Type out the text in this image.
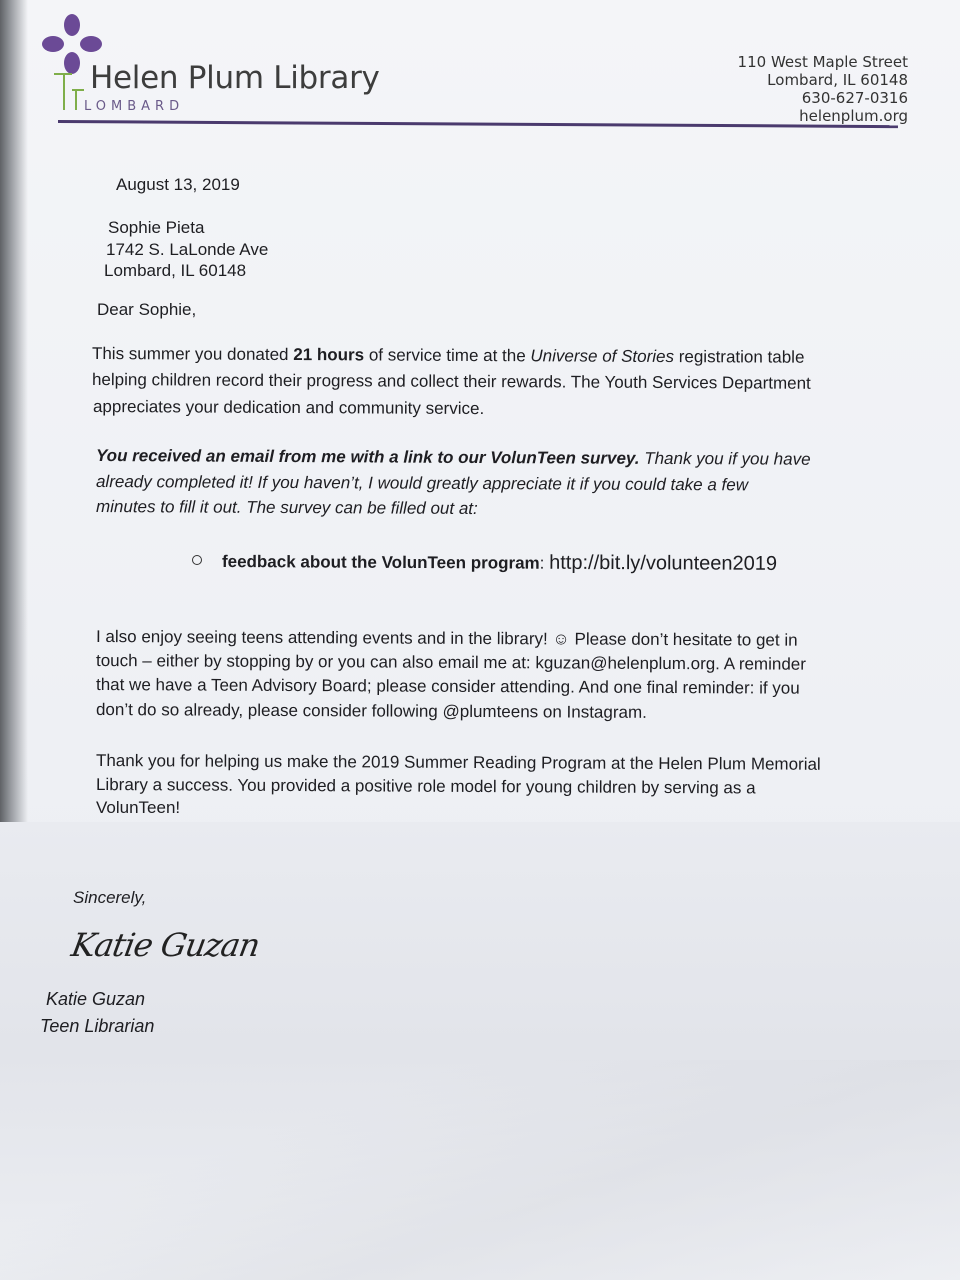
Helen Plum Library
LOMBARD
110 West Maple Street
Lombard, IL 60148
630-627-0316
helenplum.org
August 13, 2019
Sophie Pieta
1742 S. LaLonde Ave
Lombard, IL 60148
Dear Sophie,
This summer you donated 21 hours of service time at the Universe of Stories registration table
helping children record their progress and collect their rewards. The Youth Services Department
appreciates your dedication and community service.
You received an email from me with a link to our VolunTeen survey. Thank you if you have
already completed it! If you haven’t, I would greatly appreciate it if you could take a few
minutes to fill it out. The survey can be filled out at:
feedback about the VolunTeen program: http://bit.ly/volunteen2019
I also enjoy seeing teens attending events and in the library! ☺ Please don’t hesitate to get in
touch – either by stopping by or you can also email me at: kguzan@helenplum.org. A reminder
that we have a Teen Advisory Board; please consider attending. And one final reminder: if you
don’t do so already, please consider following @plumteens on Instagram.
Thank you for helping us make the 2019 Summer Reading Program at the Helen Plum Memorial
Library a success. You provided a positive role model for young children by serving as a
VolunTeen!
Sincerely,
Katie Guzan
Katie Guzan
Teen Librarian
